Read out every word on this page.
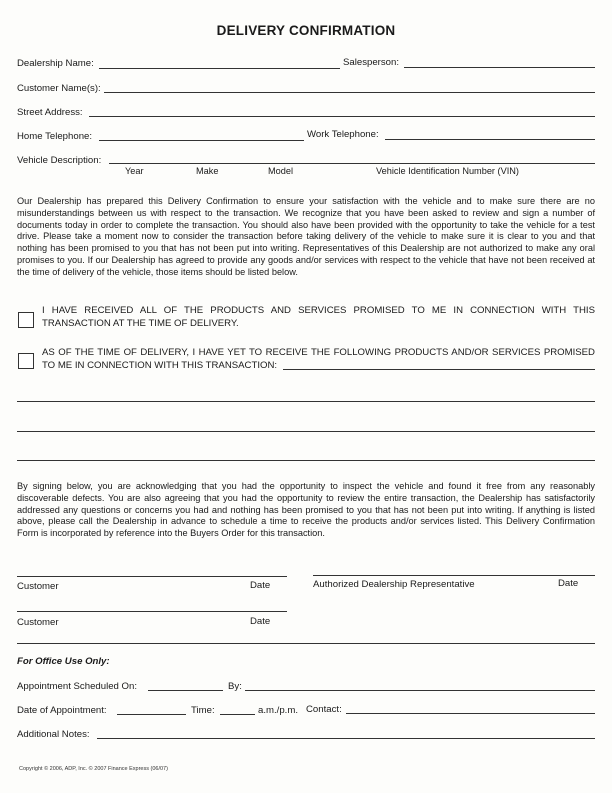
DELIVERY CONFIRMATION
Dealership Name:	Salesperson:
Customer Name(s):
Street Address:
Home Telephone:	Work Telephone:
Vehicle Description:
Year	Make	Model	Vehicle Identification Number (VIN)
Our Dealership has prepared this Delivery Confirmation to ensure your satisfaction with the vehicle and to make sure there are no misunderstandings between us with respect to the transaction. We recognize that you have been asked to review and sign a number of documents today in order to complete the transaction. You should also have been provided with the opportunity to take the vehicle for a test drive. Please take a moment now to consider the transaction before taking delivery of the vehicle to make sure it is clear to you and that nothing has been promised to you that has not been put into writing. Representatives of this Dealership are not authorized to make any oral promises to you. If our Dealership has agreed to provide any goods and/or services with respect to the vehicle that have not been received at the time of delivery of the vehicle, those items should be listed below.
I HAVE RECEIVED ALL OF THE PRODUCTS AND SERVICES PROMISED TO ME IN CONNECTION WITH THIS TRANSACTION AT THE TIME OF DELIVERY.
AS OF THE TIME OF DELIVERY, I HAVE YET TO RECEIVE THE FOLLOWING PRODUCTS AND/OR SERVICES PROMISED TO ME IN CONNECTION WITH THIS TRANSACTION:
By signing below, you are acknowledging that you had the opportunity to inspect the vehicle and found it free from any reasonably discoverable defects. You are also agreeing that you had the opportunity to review the entire transaction, the Dealership has satisfactorily addressed any questions or concerns you had and nothing has been promised to you that has not been put into writing. If anything is listed above, please call the Dealership in advance to schedule a time to receive the products and/or services listed. This Delivery Confirmation Form is incorporated by reference into the Buyers Order for this transaction.
Customer	Date	Authorized Dealership Representative	Date
Customer	Date
For Office Use Only:
Appointment Scheduled On:	By:
Date of Appointment:	Time:	a.m./p.m. Contact:
Additional Notes:
Copyright © 2006, ADP, Inc. © 2007 Finance Express (06/07)
